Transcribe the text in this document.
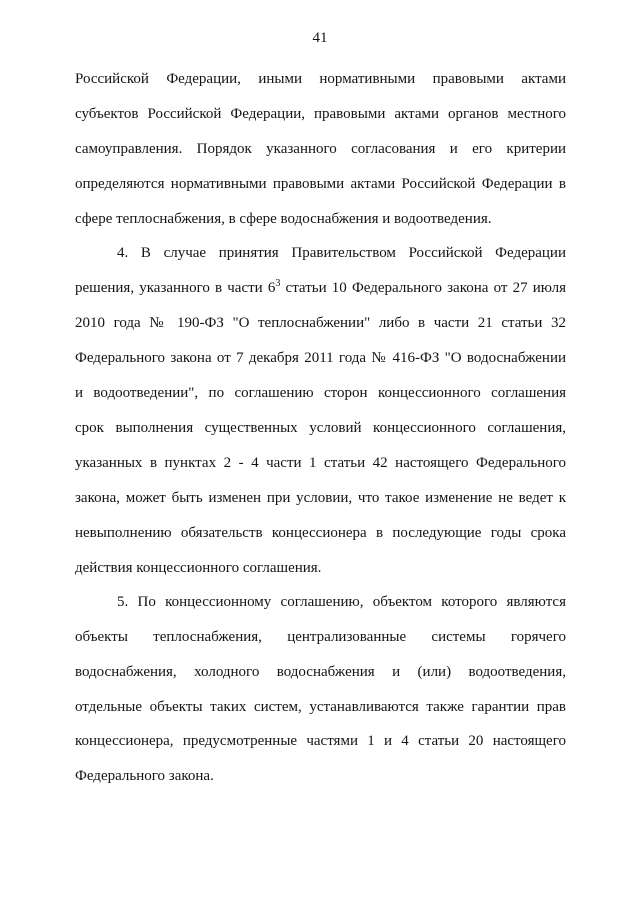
41
Российской Федерации, иными нормативными правовыми актами
субъектов Российской Федерации, правовыми актами органов местного
самоуправления. Порядок указанного согласования и его критерии
определяются нормативными правовыми актами Российской Федерации в
сфере теплоснабжения, в сфере водоснабжения и водоотведения.
4. В случае принятия Правительством Российской Федерации
решения, указанного в части $6^3$ статьи 10 Федерального закона от 27 июля
2010 года № 190-ФЗ "О теплоснабжении" либо в части 21 статьи 32
Федерального закона от 7 декабря 2011 года № 416-ФЗ "О водоснабжении
и водоотведении", по соглашению сторон концессионного соглашения
срок выполнения существенных условий концессионного соглашения,
указанных в пунктах 2 - 4 части 1 статьи 42 настоящего Федерального
закона, может быть изменен при условии, что такое изменение не ведет к
невыполнению обязательств концессионера в последующие годы срока
действия концессионного соглашения.
5. По концессионному соглашению, объектом которого являются
объекты теплоснабжения, централизованные системы горячего
водоснабжения, холодного водоснабжения и (или) водоотведения,
отдельные объекты таких систем, устанавливаются также гарантии прав
концессионера, предусмотренные частями 1 и 4 статьи 20 настоящего
Федерального закона.
